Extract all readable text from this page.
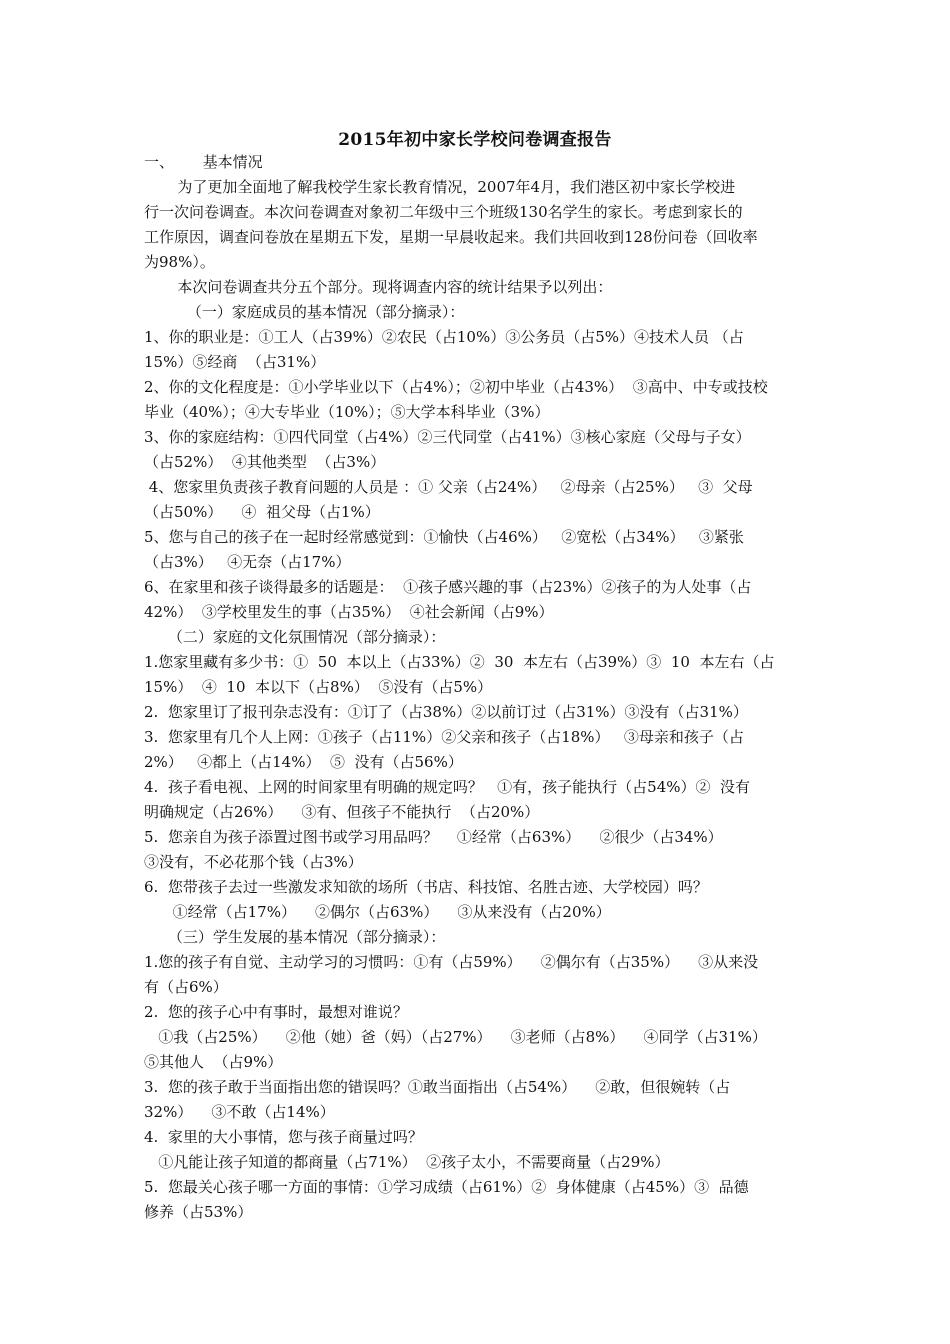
2015年初中家长学校问卷调查报告
一、      基本情况
为了更加全面地了解我校学生家长教育情况，2007年4月，我们港区初中家长学校进
行一次问卷调查。本次问卷调查对象初二年级中三个班级130名学生的家长。考虑到家长的
工作原因，调查问卷放在星期五下发，星期一早晨收起来。我们共回收到128份问卷（回收率
为98%）。
本次问卷调查共分五个部分。现将调查内容的统计结果予以列出：
（一）家庭成员的基本情况（部分摘录）：
1、你的职业是：①工人（占39%）②农民（占10%）③公务员（占5%）④技术人员 （占
15%）⑤经商  （占31%）
2、你的文化程度是：①小学毕业以下（占4%）；②初中毕业（占43%）  ③高中、中专或技校
毕业（40%）；④大专毕业（10%）；⑤大学本科毕业（3%）
3、你的家庭结构：①四代同堂（占4%）②三代同堂（占41%）③核心家庭（父母与子女）
（占52%）  ④其他类型  （占3%）
4、您家里负责孩子教育问题的人员是 ：① 父亲（占24%）   ②母亲（占25%）   ③  父母
（占50%）    ④  祖父母（占1%）
5、您与自己的孩子在一起时经常感觉到：①愉快（占46%）   ②宽松（占34%）   ③紧张
（占3%）   ④无奈（占17%）
6、在家里和孩子谈得最多的话题是：  ①孩子感兴趣的事（占23%）②孩子的为人处事（占
42%）  ③学校里发生的事（占35%）  ④社会新闻（占9%）
（二）家庭的文化氛围情况（部分摘录）：
1.您家里藏有多少书：①  50  本以上（占33%）②  30  本左右（占39%）③  10  本左右（占
15%）  ④  10  本以下（占8%）  ⑤没有（占5%）
2.  您家里订了报刊杂志没有：①订了（占38%）②以前订过（占31%）③没有（占31%）
3.  您家里有几个人上网：①孩子（占11%）②父亲和孩子（占18%）   ③母亲和孩子（占
2%）   ④都上（占14%）  ⑤  没有（占56%）
4.  孩子看电视、上网的时间家里有明确的规定吗？   ①有，孩子能执行（占54%）②  没有
明确规定（占26%）    ③有、但孩子不能执行  （占20%）
5.  您亲自为孩子添置过图书或学习用品吗？    ①经常（占63%）    ②很少（占34%）
③没有，不必花那个钱（占3%）
6.  您带孩子去过一些激发求知欲的场所（书店、科技馆、名胜古迹、大学校园）吗？
①经常（占17%）    ②偶尔（占63%）    ③从来没有（占20%）
（三）学生发展的基本情况（部分摘录）：
1.您的孩子有自觉、主动学习的习惯吗：①有（占59%）    ②偶尔有（占35%）    ③从来没
有（占6%）
2.  您的孩子心中有事时，最想对谁说？
①我（占25%）    ②他（她）爸（妈）（占27%）    ③老师（占8%）    ④同学（占31%）
⑤其他人  （占9%）
3.  您的孩子敢于当面指出您的错误吗？①敢当面指出（占54%）    ②敢，但很婉转（占
32%）    ③不敢（占14%）
4.  家里的大小事情，您与孩子商量过吗？
①凡能让孩子知道的都商量（占71%）  ②孩子太小，不需要商量（占29%）
5.  您最关心孩子哪一方面的事情：①学习成绩（占61%）②  身体健康（占45%）③  品德
修养（占53%）
